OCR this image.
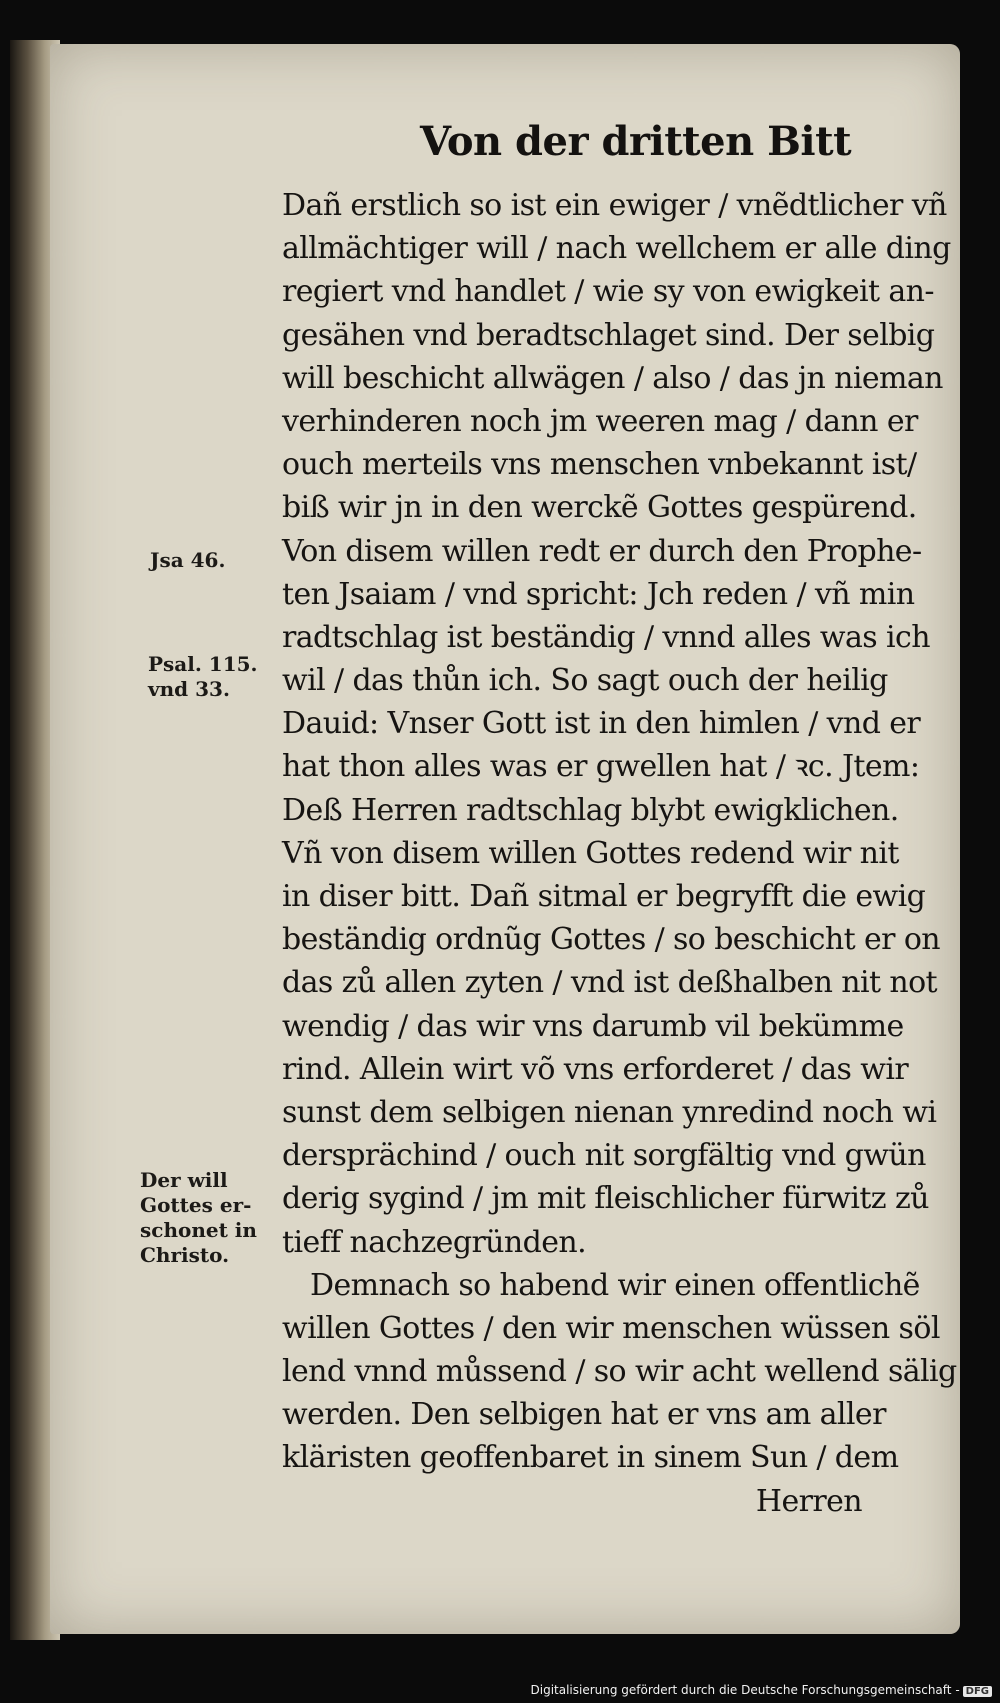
Von der dritten Bitt
Dañ erstlich so ist ein ewiger / vnẽdtlicher vñ
allmächtiger will / nach wellchem er alle ding
regiert vnd handlet / wie sy von ewigkeit an-
gesähen vnd beradtschlaget sind. Der selbig
will beschicht allwägen / also / das jn nieman
verhinderen noch jm weeren mag / dann er
ouch merteils vns menschen vnbekannt ist/
biß wir jn in den werckẽ Gottes gespürend.
Von disem willen redt er durch den Prophe-
ten Jsaiam / vnd spricht: Jch reden / vñ min
radtschlag ist beständig / vnnd alles was ich
wil / das thůn ich. So sagt ouch der heilig
Dauid: Vnser Gott ist in den himlen / vnd er
hat thon alles was er gwellen hat / ꝛc. Jtem:
Deß Herren radtschlag blybt ewigklichen.
Vñ von disem willen Gottes redend wir nit
in diser bitt. Dañ sitmal er begryfft die ewig
beständig ordnũg Gottes / so beschicht er on
das zů allen zyten / vnd ist deßhalben nit not
wendig / das wir vns darumb vil bekümme
rind. Allein wirt võ vns erforderet / das wir
sunst dem selbigen nienan ynredind noch wi
dersprächind / ouch nit sorgfältig vnd gwün
derig sygind / jm mit fleischlicher fürwitz zů
tieff nachzegründen.
Demnach so habend wir einen offentlichẽ
willen Gottes / den wir menschen wüssen söl
lend vnnd můssend / so wir acht wellend sälig
werden. Den selbigen hat er vns am aller
kläristen geoffenbaret in sinem Sun / dem
Herren
Jsa 46.
Psal. 115. vnd 33.
Der will Gottes er- schonet in Christo.
Digitalisierung gefördert durch die Deutsche Forschungsgemeinschaft - DFG
